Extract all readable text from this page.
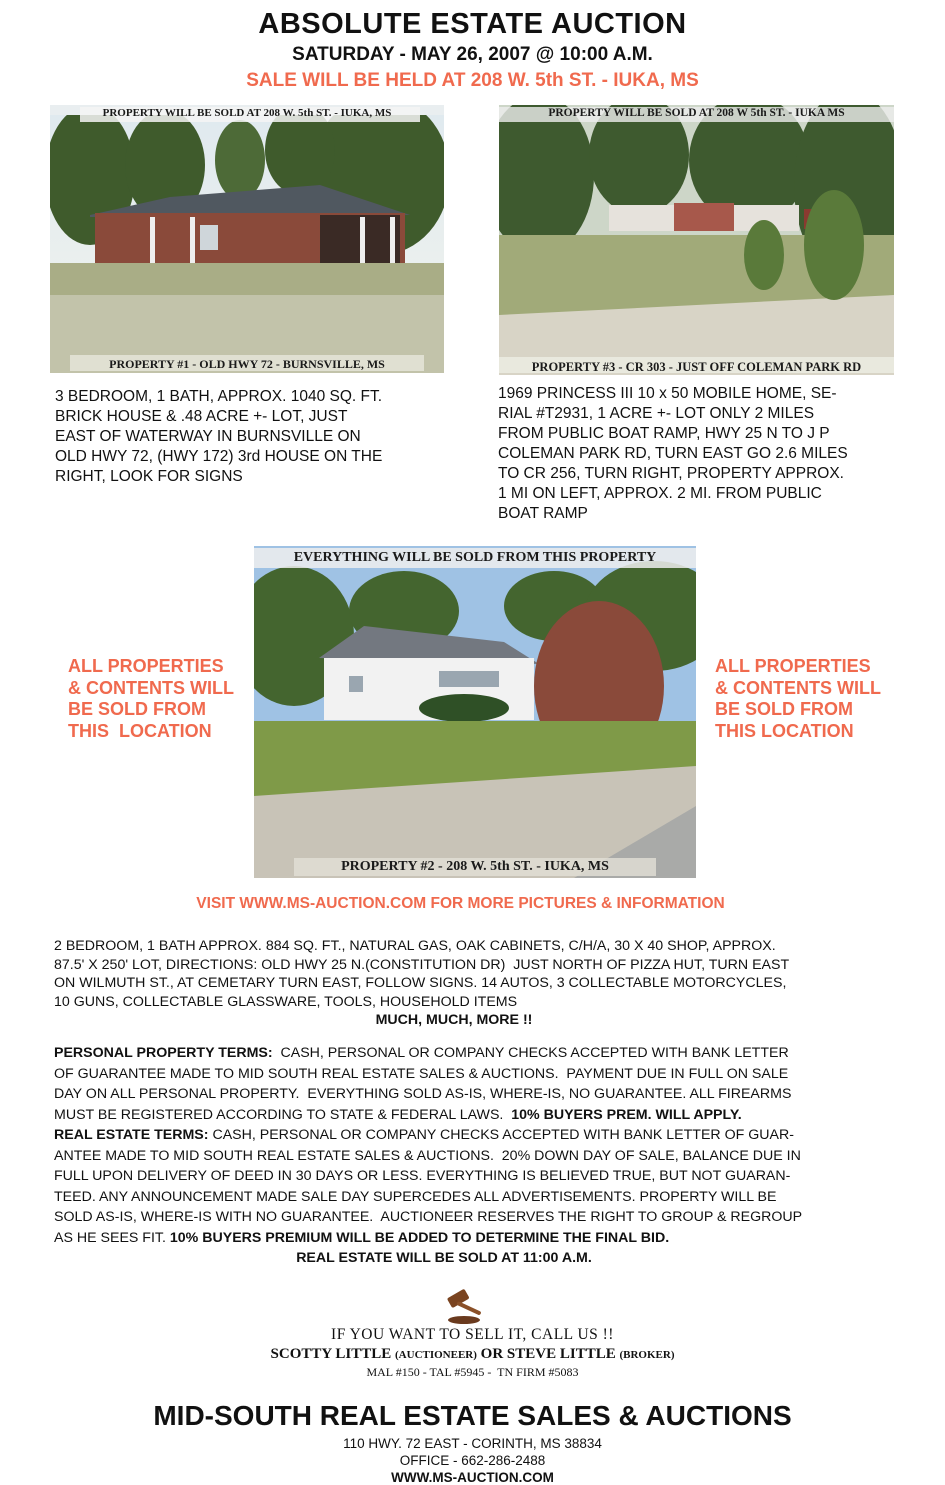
ABSOLUTE ESTATE AUCTION
SATURDAY - MAY 26, 2007 @ 10:00 A.M.
SALE WILL BE HELD AT 208 W. 5th ST. - IUKA, MS
PROPERTY WILL BE SOLD AT 208 W. 5th ST. - IUKA, MS
PROPERTY #1 - OLD HWY 72 - BURNSVILLE, MS
PROPERTY WILL BE SOLD AT 208 W 5th ST. - IUKA MS
PROPERTY #3 - CR 303 - JUST OFF COLEMAN PARK RD
3 BEDROOM, 1 BATH, APPROX. 1040 SQ. FT.
BRICK HOUSE & .48 ACRE +- LOT, JUST
EAST OF WATERWAY IN BURNSVILLE ON
OLD HWY 72, (HWY 172) 3rd HOUSE ON THE
RIGHT, LOOK FOR SIGNS
1969 PRINCESS III 10 x 50 MOBILE HOME, SE-
RIAL #T2931, 1 ACRE +- LOT ONLY 2 MILES
FROM PUBLIC BOAT RAMP, HWY 25 N TO J P
COLEMAN PARK RD, TURN EAST GO 2.6 MILES
TO CR 256, TURN RIGHT, PROPERTY APPROX.
1 MI ON LEFT, APPROX. 2 MI. FROM PUBLIC
BOAT RAMP
EVERYTHING WILL BE SOLD FROM THIS PROPERTY
PROPERTY #2 - 208 W. 5th ST. - IUKA, MS
ALL PROPERTIES
& CONTENTS WILL
BE SOLD FROM
THIS  LOCATION
ALL PROPERTIES
& CONTENTS WILL
BE SOLD FROM
THIS LOCATION
VISIT WWW.MS-AUCTION.COM FOR MORE PICTURES & INFORMATION
2 BEDROOM, 1 BATH APPROX. 884 SQ. FT., NATURAL GAS, OAK CABINETS, C/H/A, 30 X 40 SHOP, APPROX.
87.5' X 250' LOT, DIRECTIONS: OLD HWY 25 N.(CONSTITUTION DR)  JUST NORTH OF PIZZA HUT, TURN EAST
ON WILMUTH ST., AT CEMETARY TURN EAST, FOLLOW SIGNS. 14 AUTOS, 3 COLLECTABLE MOTORCYCLES,
10 GUNS, COLLECTABLE GLASSWARE, TOOLS, HOUSEHOLD ITEMS
MUCH, MUCH, MORE !!
PERSONAL PROPERTY TERMS:  CASH, PERSONAL OR COMPANY CHECKS ACCEPTED WITH BANK LETTER
OF GUARANTEE MADE TO MID SOUTH REAL ESTATE SALES & AUCTIONS.  PAYMENT DUE IN FULL ON SALE
DAY ON ALL PERSONAL PROPERTY.  EVERYTHING SOLD AS-IS, WHERE-IS, NO GUARANTEE. ALL FIREARMS
MUST BE REGISTERED ACCORDING TO STATE & FEDERAL LAWS.  10% BUYERS PREM. WILL APPLY.
REAL ESTATE TERMS: CASH, PERSONAL OR COMPANY CHECKS ACCEPTED WITH BANK LETTER OF GUAR-
ANTEE MADE TO MID SOUTH REAL ESTATE SALES & AUCTIONS.  20% DOWN DAY OF SALE, BALANCE DUE IN
FULL UPON DELIVERY OF DEED IN 30 DAYS OR LESS. EVERYTHING IS BELIEVED TRUE, BUT NOT GUARAN-
TEED. ANY ANNOUNCEMENT MADE SALE DAY SUPERCEDES ALL ADVERTISEMENTS. PROPERTY WILL BE
SOLD AS-IS, WHERE-IS WITH NO GUARANTEE.  AUCTIONEER RESERVES THE RIGHT TO GROUP & REGROUP
AS HE SEES FIT. 10% BUYERS PREMIUM WILL BE ADDED TO DETERMINE THE FINAL BID.
REAL ESTATE WILL BE SOLD AT 11:00 A.M.
IF YOU WANT TO SELL IT, CALL US !!
SCOTTY LITTLE (AUCTIONEER) OR STEVE LITTLE (BROKER)
MAL #150 - TAL #5945 -  TN FIRM #5083
MID-SOUTH REAL ESTATE SALES & AUCTIONS
110 HWY. 72 EAST - CORINTH, MS 38834
OFFICE - 662-286-2488
WWW.MS-AUCTION.COM
